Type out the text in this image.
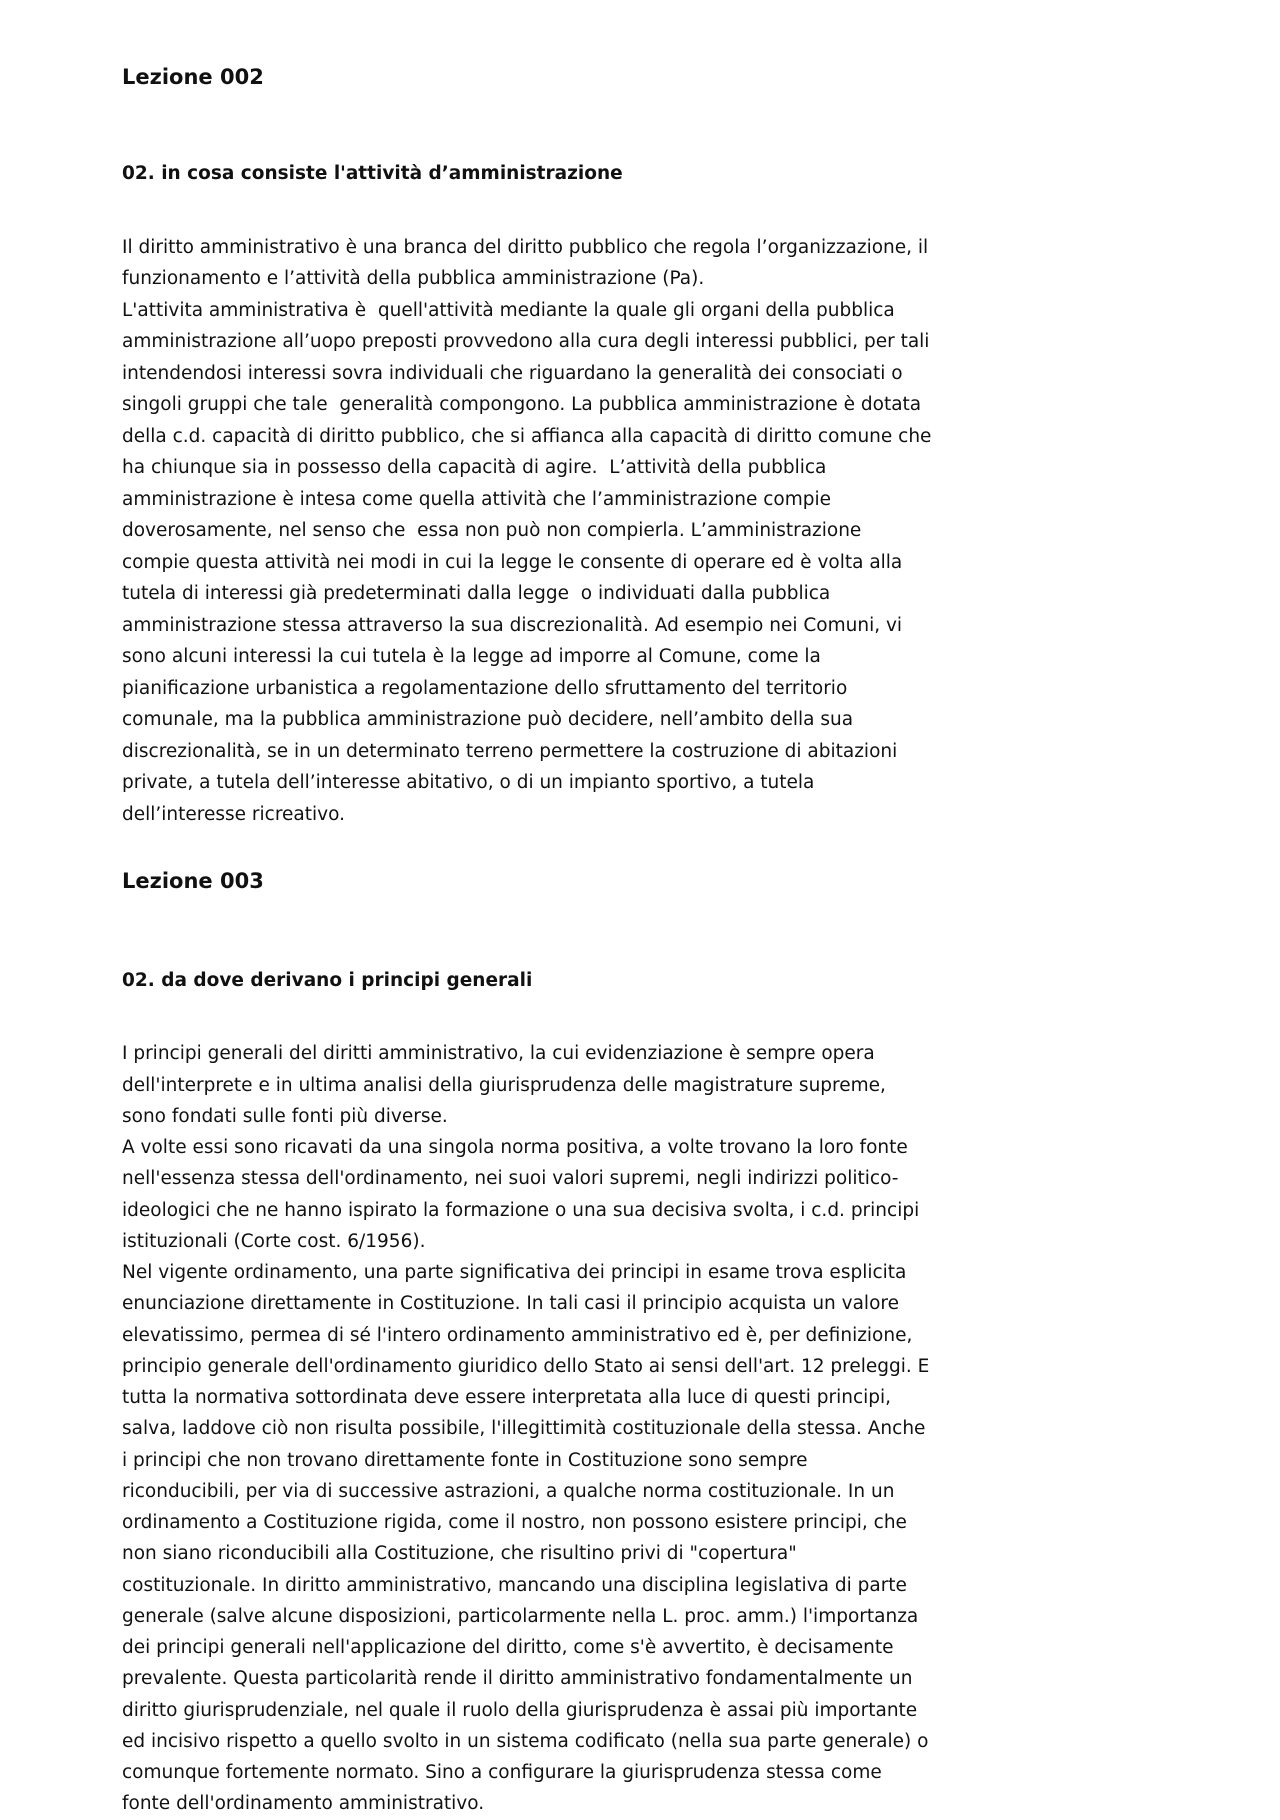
Lezione 002

02. in cosa consiste l'attività d’amministrazione

Il diritto amministrativo è una branca del diritto pubblico che regola l’organizzazione, il
funzionamento e l’attività della pubblica amministrazione (Pa).
L'attivita amministrativa è  quell'attività mediante la quale gli organi della pubblica
amministrazione all’uopo preposti provvedono alla cura degli interessi pubblici, per tali
intendendosi interessi sovra individuali che riguardano la generalità dei consociati o
singoli gruppi che tale  generalità compongono. La pubblica amministrazione è dotata
della c.d. capacità di diritto pubblico, che si affianca alla capacità di diritto comune che
ha chiunque sia in possesso della capacità di agire.  L’attività della pubblica
amministrazione è intesa come quella attività che l’amministrazione compie
doverosamente, nel senso che  essa non può non compierla. L’amministrazione
compie questa attività nei modi in cui la legge le consente di operare ed è volta alla
tutela di interessi già predeterminati dalla legge  o individuati dalla pubblica
amministrazione stessa attraverso la sua discrezionalità. Ad esempio nei Comuni, vi
sono alcuni interessi la cui tutela è la legge ad imporre al Comune, come la
pianificazione urbanistica a regolamentazione dello sfruttamento del territorio
comunale, ma la pubblica amministrazione può decidere, nell’ambito della sua
discrezionalità, se in un determinato terreno permettere la costruzione di abitazioni
private, a tutela dell’interesse abitativo, o di un impianto sportivo, a tutela
dell’interesse ricreativo.
Lezione 003

02. da dove derivano i principi generali

I principi generali del diritti amministrativo, la cui evidenziazione è sempre opera
dell'interprete e in ultima analisi della giurisprudenza delle magistrature supreme,
sono fondati sulle fonti più diverse.
A volte essi sono ricavati da una singola norma positiva, a volte trovano la loro fonte
nell'essenza stessa dell'ordinamento, nei suoi valori supremi, negli indirizzi politico-
ideologici che ne hanno ispirato la formazione o una sua decisiva svolta, i c.d. principi
istituzionali (Corte cost. 6/1956).
Nel vigente ordinamento, una parte significativa dei principi in esame trova esplicita
enunciazione direttamente in Costituzione. In tali casi il principio acquista un valore
elevatissimo, permea di sé l'intero ordinamento amministrativo ed è, per definizione,
principio generale dell'ordinamento giuridico dello Stato ai sensi dell'art. 12 preleggi. E
tutta la normativa sottordinata deve essere interpretata alla luce di questi principi,
salva, laddove ciò non risulta possibile, l'illegittimità costituzionale della stessa. Anche
i principi che non trovano direttamente fonte in Costituzione sono sempre
riconducibili, per via di successive astrazioni, a qualche norma costituzionale. In un
ordinamento a Costituzione rigida, come il nostro, non possono esistere principi, che
non siano riconducibili alla Costituzione, che risultino privi di "copertura"
costituzionale. In diritto amministrativo, mancando una disciplina legislativa di parte
generale (salve alcune disposizioni, particolarmente nella L. proc. amm.) l'importanza
dei principi generali nell'applicazione del diritto, come s'è avvertito, è decisamente
prevalente. Questa particolarità rende il diritto amministrativo fondamentalmente un
diritto giurisprudenziale, nel quale il ruolo della giurisprudenza è assai più importante
ed incisivo rispetto a quello svolto in un sistema codificato (nella sua parte generale) o
comunque fortemente normato. Sino a configurare la giurisprudenza stessa come
fonte dell'ordinamento amministrativo.
